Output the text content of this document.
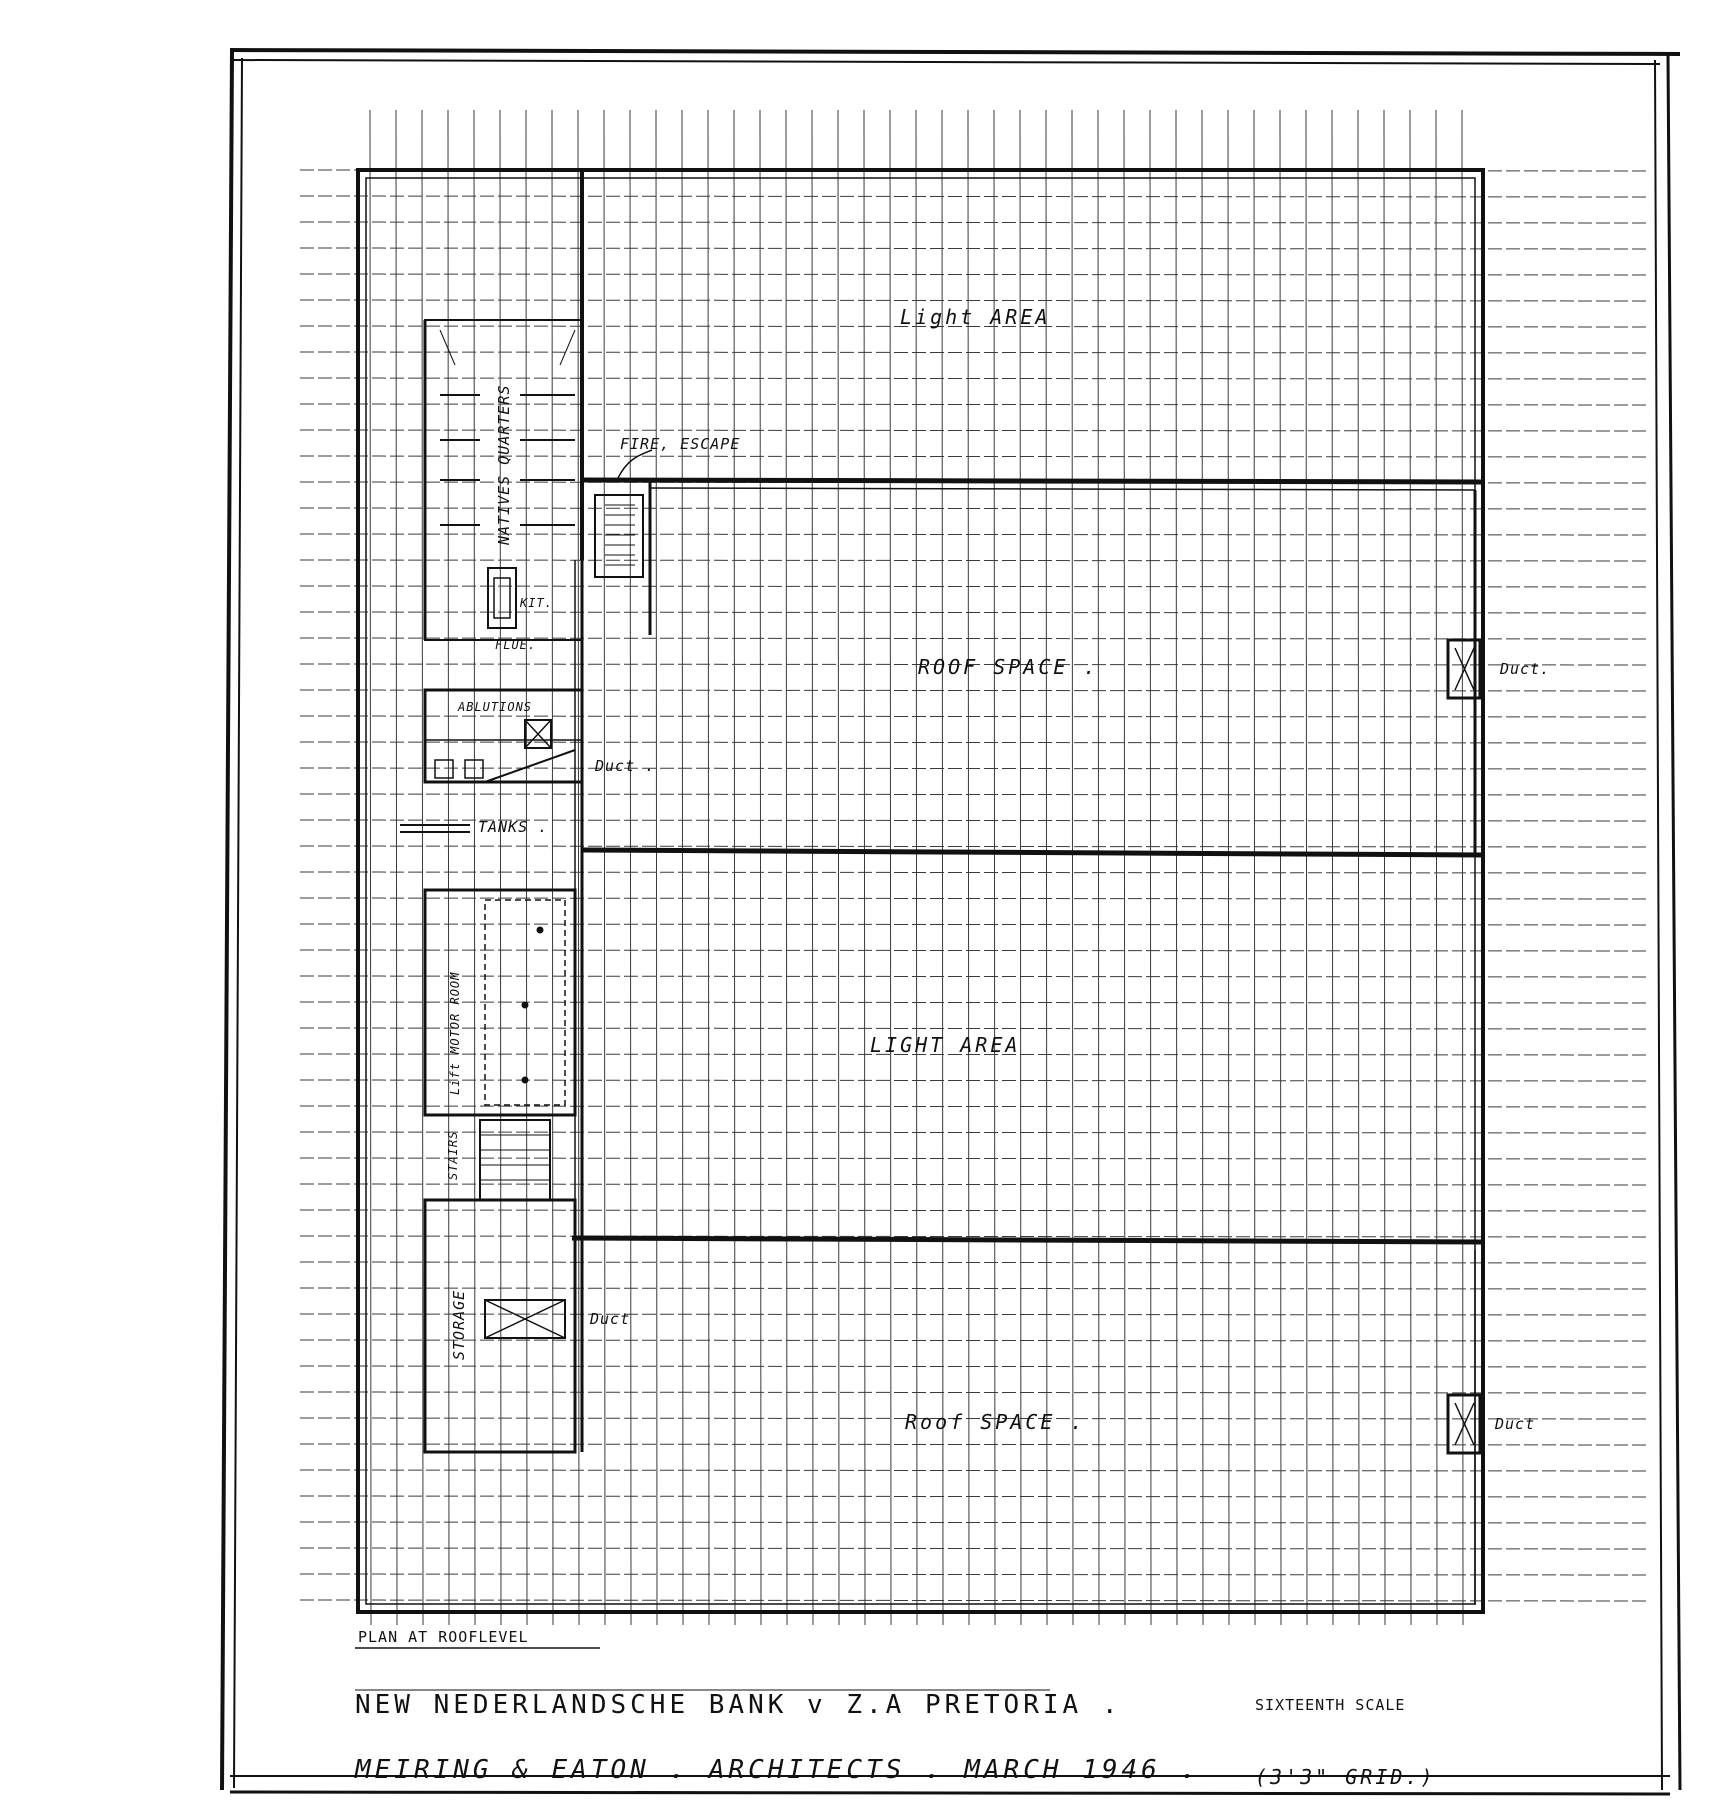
Light AREA
ROOF SPACE .
LIGHT AREA
Roof SPACE .
NATIVES QUARTERS	FIRE, ESCAPE
KIT.
FLUE.
ABLUTIONS
TANKS .
Lift MOTOR ROOM
STAIRS
STORAGE
Duct.
Duct .
Duct
Duct
PLAN AT ROOFLEVEL
NEW NEDERLANDSCHE BANK v Z.A PRETORIA .
MEIRING & EATON . ARCHITECTS . MARCH 1946 .
SIXTEENTH SCALE
(3'3" GRID.)
